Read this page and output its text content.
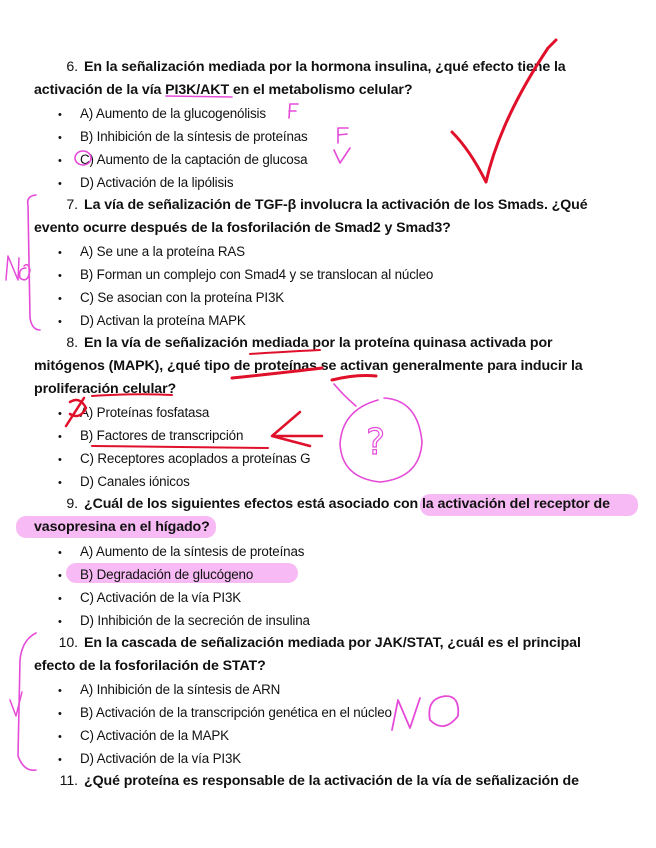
6. En la señalización mediada por la hormona insulina, ¿qué efecto tiene la activación de la vía PI3K/AKT en el metabolismo celular?
• A) Aumento de la glucogenólisis
• B) Inhibición de la síntesis de proteínas
• C) Aumento de la captación de glucosa
• D) Activación de la lipólisis
7. La vía de señalización de TGF-β involucra la activación de los Smads. ¿Qué evento ocurre después de la fosforilación de Smad2 y Smad3?
• A) Se une a la proteína RAS
• B) Forman un complejo con Smad4 y se translocan al núcleo
• C) Se asocian con la proteína PI3K
• D) Activan la proteína MAPK
8. En la vía de señalización mediada por la proteína quinasa activada por mitógenos (MAPK), ¿qué tipo de proteínas se activan generalmente para inducir la proliferación celular?
• A) Proteínas fosfatasa
• B) Factores de transcripción
• C) Receptores acoplados a proteínas G
• D) Canales iónicos
9. ¿Cuál de los siguientes efectos está asociado con la activación del receptor de vasopresina en el hígado?
• A) Aumento de la síntesis de proteínas
• B) Degradación de glucógeno
• C) Activación de la vía PI3K
• D) Inhibición de la secreción de insulina
10. En la cascada de señalización mediada por JAK/STAT, ¿cuál es el principal efecto de la fosforilación de STAT?
• A) Inhibición de la síntesis de ARN
• B) Activación de la transcripción genética en el núcleo
• C) Activación de la MAPK
• D) Activación de la vía PI3K
11. ¿Qué proteína es responsable de la activación de la vía de señalización de
?
